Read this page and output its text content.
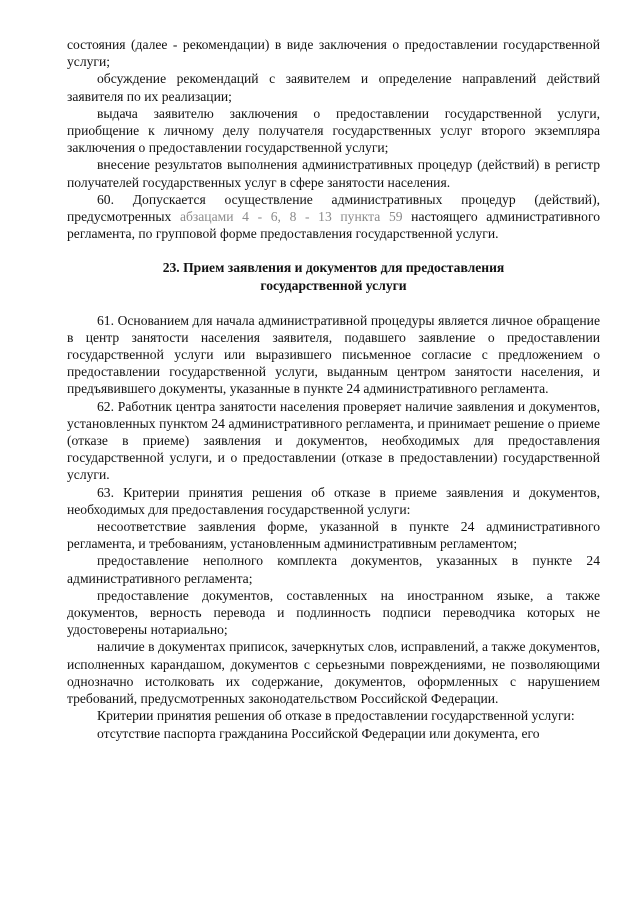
состояния (далее - рекомендации) в виде заключения о предоставлении государственной услуги;

обсуждение рекомендаций с заявителем и определение направлений действий заявителя по их реализации;

выдача заявителю заключения о предоставлении государственной услуги, приобщение к личному делу получателя государственных услуг второго экземпляра заключения о предоставлении государственной услуги;

внесение результатов выполнения административных процедур (действий) в регистр получателей государственных услуг в сфере занятости населения.

60. Допускается осуществление административных процедур (действий), предусмотренных абзацами 4 - 6, 8 - 13 пункта 59 настоящего административного регламента, по групповой форме предоставления государственной услуги.

23. Прием заявления и документов для предоставления
государственной услуги

61. Основанием для начала административной процедуры является личное обращение в центр занятости населения заявителя, подавшего заявление о предоставлении государственной услуги или выразившего письменное согласие с предложением о предоставлении государственной услуги, выданным центром занятости населения, и предъявившего документы, указанные в пункте 24 административного регламента.

62. Работник центра занятости населения проверяет наличие заявления и документов, установленных пунктом 24 административного регламента, и принимает решение о приеме (отказе в приеме) заявления и документов, необходимых для предоставления государственной услуги, и о предоставлении (отказе в предоставлении) государственной услуги.

63. Критерии принятия решения об отказе в приеме заявления и документов, необходимых для предоставления государственной услуги:

несоответствие заявления форме, указанной в пункте 24 административного регламента, и требованиям, установленным административным регламентом;

предоставление неполного комплекта документов, указанных в пункте 24 административного регламента;

предоставление документов, составленных на иностранном языке, а также документов, верность перевода и подлинность подписи переводчика которых не удостоверены нотариально;

наличие в документах приписок, зачеркнутых слов, исправлений, а также документов, исполненных карандашом, документов с серьезными повреждениями, не позволяющими однозначно истолковать их содержание, документов, оформленных с нарушением требований, предусмотренных законодательством Российской Федерации.

Критерии принятия решения об отказе в предоставлении государственной услуги:

отсутствие паспорта гражданина Российской Федерации или документа, его
